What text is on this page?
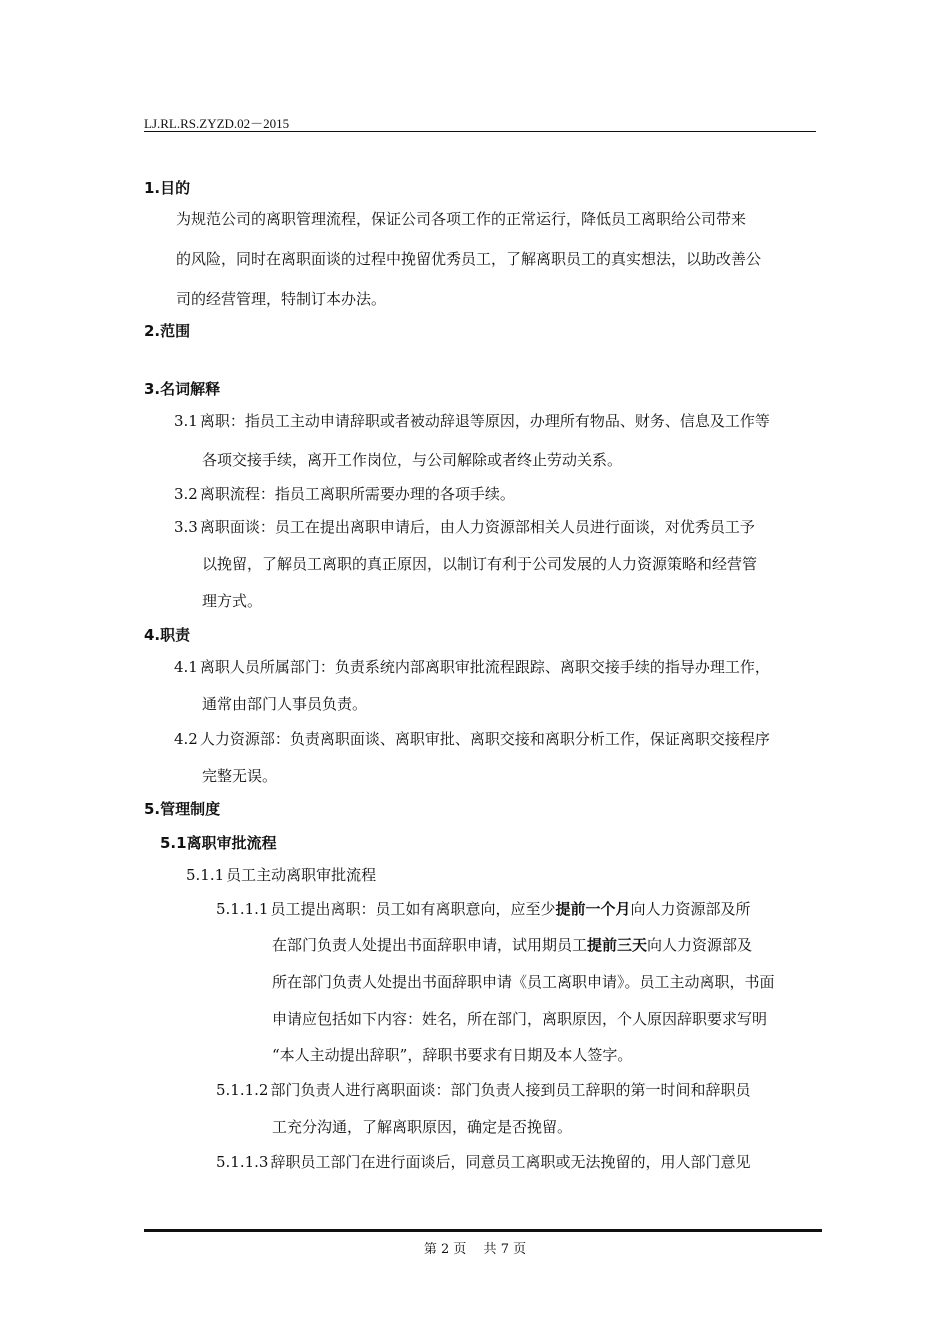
LJ.RL.RS.ZYZD.02－2015
1.目的
为规范公司的离职管理流程，保证公司各项工作的正常运行，降低员工离职给公司带来
的风险，同时在离职面谈的过程中挽留优秀员工，了解离职员工的真实想法，以助改善公
司的经营管理，特制订本办法。
2.范围
3.名词解释
3.1 离职：指员工主动申请辞职或者被动辞退等原因，办理所有物品、财务、信息及工作等
各项交接手续，离开工作岗位，与公司解除或者终止劳动关系。
3.2 离职流程：指员工离职所需要办理的各项手续。
3.3 离职面谈：员工在提出离职申请后，由人力资源部相关人员进行面谈，对优秀员工予
以挽留，了解员工离职的真正原因，以制订有利于公司发展的人力资源策略和经营管
理方式。
4.职责
4.1 离职人员所属部门：负责系统内部离职审批流程跟踪、离职交接手续的指导办理工作，
通常由部门人事员负责。
4.2 人力资源部：负责离职面谈、离职审批、离职交接和离职分析工作，保证离职交接程序
完整无误。
5.管理制度
5.1离职审批流程
5.1.1 员工主动离职审批流程
5.1.1.1 员工提出离职：员工如有离职意向，应至少提前一个月向人力资源部及所
在部门负责人处提出书面辞职申请，试用期员工提前三天向人力资源部及
所在部门负责人处提出书面辞职申请《员工离职申请》。员工主动离职，书面
申请应包括如下内容：姓名，所在部门，离职原因，个人原因辞职要求写明
“本人主动提出辞职”，辞职书要求有日期及本人签字。
5.1.1.2 部门负责人进行离职面谈：部门负责人接到员工辞职的第一时间和辞职员
工充分沟通，了解离职原因，确定是否挽留。
5.1.1.3 辞职员工部门在进行面谈后，同意员工离职或无法挽留的，用人部门意见
第 2 页　 共 7 页
